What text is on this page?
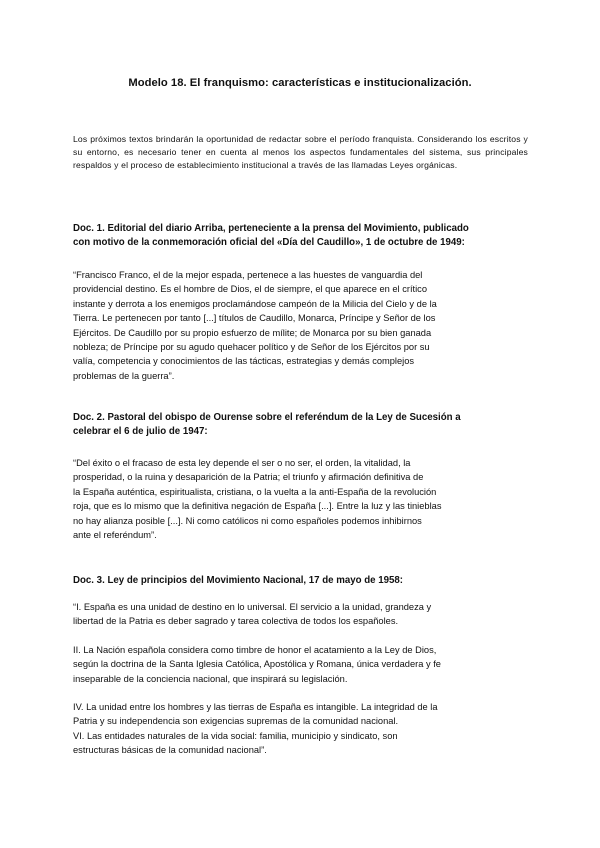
Modelo 18. El franquismo: características e institucionalización.
Los próximos textos brindarán la oportunidad de redactar sobre el período franquista. Considerando los escritos y su entorno, es necesario tener en cuenta al menos los aspectos fundamentales del sistema, sus principales respaldos y el proceso de establecimiento institucional a través de las llamadas Leyes orgánicas.
Doc. 1. Editorial del diario Arriba, perteneciente a la prensa del Movimiento, publicado
con motivo de la conmemoración oficial del «Día del Caudillo», 1 de octubre de 1949:
“Francisco Franco, el de la mejor espada, pertenece a las huestes de vanguardia del
providencial destino. Es el hombre de Dios, el de siempre, el que aparece en el crítico
instante y derrota a los enemigos proclamándose campeón de la Milicia del Cielo y de la
Tierra. Le pertenecen por tanto [...] títulos de Caudillo, Monarca, Príncipe y Señor de los
Ejércitos. De Caudillo por su propio esfuerzo de mílite; de Monarca por su bien ganada
nobleza; de Príncipe por su agudo quehacer político y de Señor de los Ejércitos por su
valía, competencia y conocimientos de las tácticas, estrategias y demás complejos
problemas de la guerra”.
Doc. 2. Pastoral del obispo de Ourense sobre el referéndum de la Ley de Sucesión a
celebrar el 6 de julio de 1947:
“Del éxito o el fracaso de esta ley depende el ser o no ser, el orden, la vitalidad, la
prosperidad, o la ruina y desaparición de la Patria; el triunfo y afirmación definitiva de
la España auténtica, espiritualista, cristiana, o la vuelta a la anti-España de la revolución
roja, que es lo mismo que la definitiva negación de España [...]. Entre la luz y las tinieblas
no hay alianza posible [...]. Ni como católicos ni como españoles podemos inhibirnos
ante el referéndum”.
Doc. 3. Ley de principios del Movimiento Nacional, 17 de mayo de 1958:
“I. España es una unidad de destino en lo universal. El servicio a la unidad, grandeza y
libertad de la Patria es deber sagrado y tarea colectiva de todos los españoles.
II. La Nación española considera como timbre de honor el acatamiento a la Ley de Dios,
según la doctrina de la Santa Iglesia Católica, Apostólica y Romana, única verdadera y fe
inseparable de la conciencia nacional, que inspirará su legislación.
IV. La unidad entre los hombres y las tierras de España es intangible. La integridad de la
Patria y su independencia son exigencias supremas de la comunidad nacional.
VI. Las entidades naturales de la vida social: familia, municipio y sindicato, son
estructuras básicas de la comunidad nacional”.
